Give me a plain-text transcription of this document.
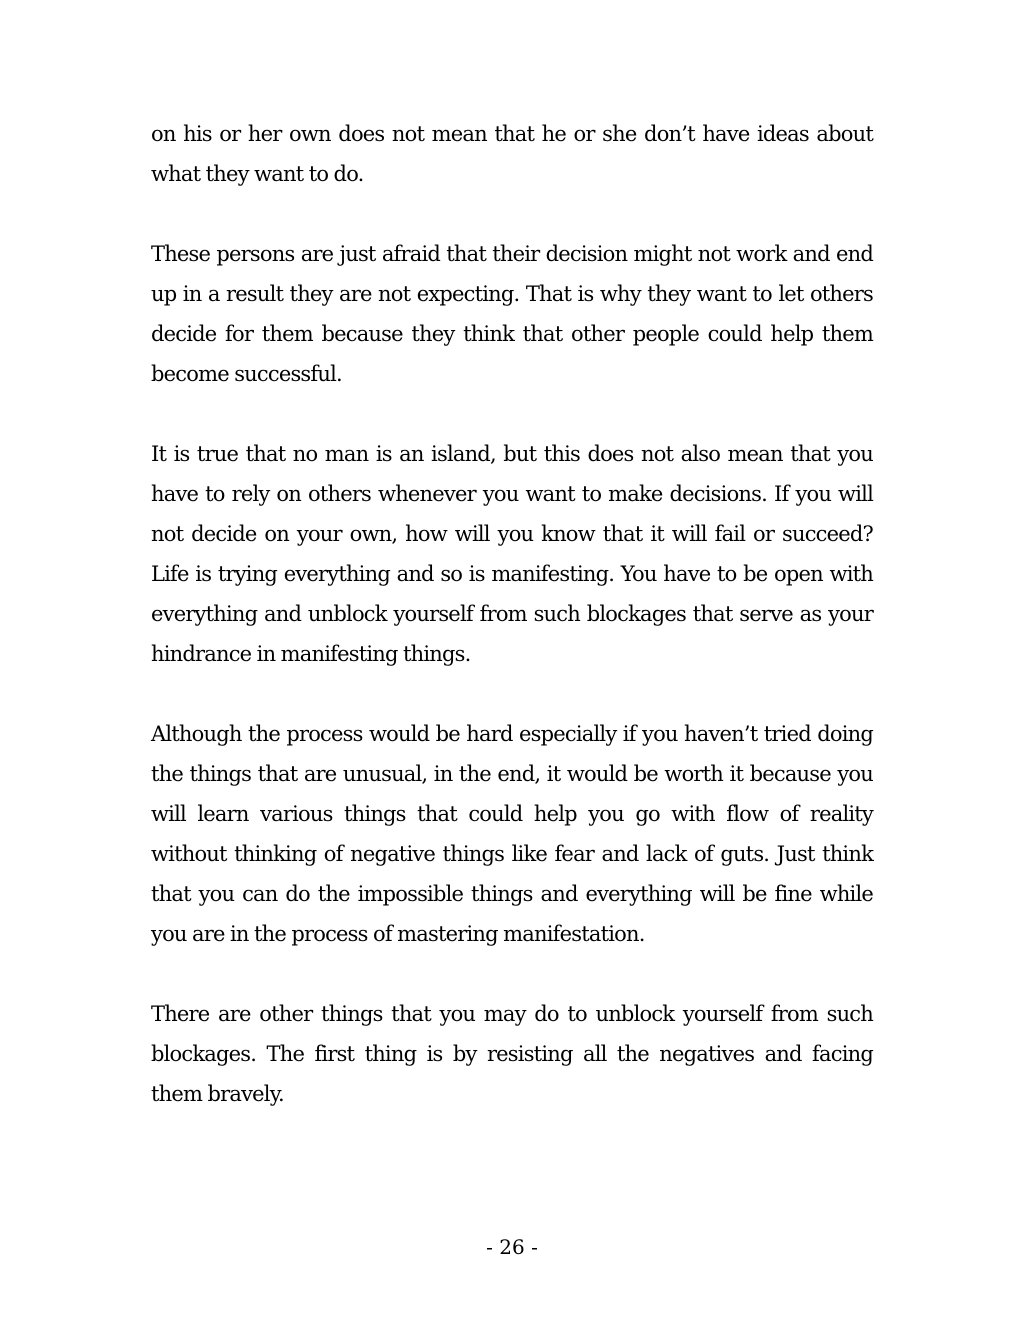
on his or her own does not mean that he or she don’t have ideas about what they want to do.

These persons are just afraid that their decision might not work and end up in a result they are not expecting. That is why they want to let others decide for them because they think that other people could help them become successful.

It is true that no man is an island, but this does not also mean that you have to rely on others whenever you want to make decisions. If you will not decide on your own, how will you know that it will fail or succeed? Life is trying everything and so is manifesting. You have to be open with everything and unblock yourself from such blockages that serve as your hindrance in manifesting things.

Although the process would be hard especially if you haven’t tried doing the things that are unusual, in the end, it would be worth it because you will learn various things that could help you go with flow of reality without thinking of negative things like fear and lack of guts. Just think that you can do the impossible things and everything will be fine while you are in the process of mastering manifestation.

There are other things that you may do to unblock yourself from such blockages. The first thing is by resisting all the negatives and facing them bravely.

- 26 -
